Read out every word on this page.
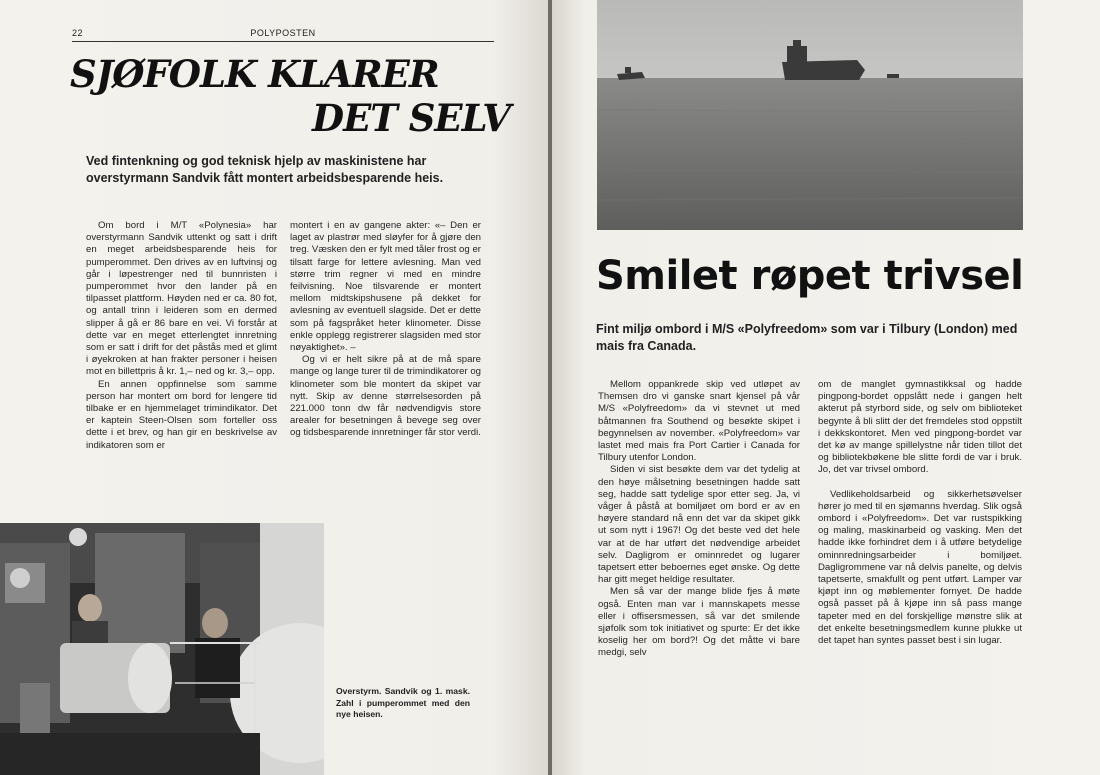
22	POLYPOSTEN
SJØFOLK KLARER
DET SELV
Ved fintenkning og god teknisk hjelp av maskinistene har overstyrmann Sandvik fått montert arbeidsbesparende heis.

Om bord i M/T «Polynesia» har overstyrmann Sandvik uttenkt og satt i drift en meget arbeidsbesparende heis for pumperommet. Den drives av en luftvinsj og går i løpestrenger ned til bunnristen i pumperommet hvor den lander på en tilpasset plattform. Høyden ned er ca. 80 fot, og antall trinn i leideren som en dermed slipper å gå er 86 bare en vei. Vi forstår at dette var en meget etterlengtet innretning som er satt i drift for det påstås med et glimt i øyekroken at han frakter personer i heisen mot en billettpris å kr. 1,– ned og kr. 3,– opp.

En annen oppfinnelse som samme person har montert om bord for lengere tid tilbake er en hjemmelaget trimindikator. Det er kaptein Steen-Olsen som forteller oss dette i et brev, og han gir en beskrivelse av indikatoren som er

montert i en av gangene akter: «– Den er laget av plastrør med sløyfer for å gjøre den treg. Væsken den er fylt med tåler frost og er tilsatt farge for lettere avlesning. Man ved større trim regner vi med en mindre feilvisning. Noe tilsvarende er montert mellom midtskipshusene på dekket for avlesning av eventuell slagside. Det er dette som på fagspråket heter klinometer. Disse enkle opplegg registrerer slagsiden med stor nøyaktighet». –

Og vi er helt sikre på at de må spare mange og lange turer til de trimindikatorer og klinometer som ble montert da skipet var nytt. Skip av denne størrelsesorden på 221.000 tonn dw får nødvendigvis store arealer for besetningen å bevege seg over og tidsbesparende innretninger får stor verdi.

Overstyrm. Sandvik og 1. mask. Zahl i pumperommet med den nye heisen.
Smilet røpet trivsel
Fint miljø ombord i M/S «Polyfreedom» som var i Tilbury (London) med mais fra Canada.

Mellom oppankrede skip ved utløpet av Themsen dro vi ganske snart kjensel på vår M/S «Polyfreedom» da vi stevnet ut med båtmannen fra Southend og besøkte skipet i begynnelsen av november. «Polyfreedom» var lastet med mais fra Port Cartier i Canada for Tilbury utenfor London.

Siden vi sist besøkte dem var det tydelig at den høye målsetning besetningen hadde satt seg, hadde satt tydelige spor etter seg. Ja, vi våger å påstå at bomiljøet om bord er av en høyere standard nå enn det var da skipet gikk ut som nytt i 1967! Og det beste ved det hele var at de har utført det nødvendige arbeidet selv. Dagligrom er ominnredet og lugarer tapetsert etter beboernes eget ønske. Og dette har gitt meget heldige resultater.

Men så var der mange blide fjes å møte også. Enten man var i mannskapets messe eller i offisersmessen, så var det smilende sjøfolk som tok initiativet og spurte: Er det ikke koselig her om bord?! Og det måtte vi bare medgi, selv

om de manglet gymnastikksal og hadde pingpong-bordet oppslått nede i gangen helt akterut på styrbord side, og selv om biblioteket begynte å bli slitt der det fremdeles stod oppstilt i dekkskontoret. Men ved pingpong-bordet var det kø av mange spillelystne når tiden tillot det og bibliotekbøkene ble slitte fordi de var i bruk. Jo, det var trivsel ombord.

Vedlikeholdsarbeid og sikkerhetsøvelser hører jo med til en sjømanns hverdag. Slik også ombord i «Polyfreedom». Det var rustspikking og maling, maskinarbeid og vasking. Men det hadde ikke forhindret dem i å utføre betydelige ominnredningsarbeider i bomiljøet. Dagligrommene var nå delvis panelte, og delvis tapetserte, smakfullt og pent utført. Lamper var kjøpt inn og møblementer fornyet. De hadde også passet på å kjøpe inn så pass mange tapeter med en del forskjellige mønstre slik at det enkelte besetningsmedlem kunne plukke ut det tapet han syntes passet best i sin lugar.
